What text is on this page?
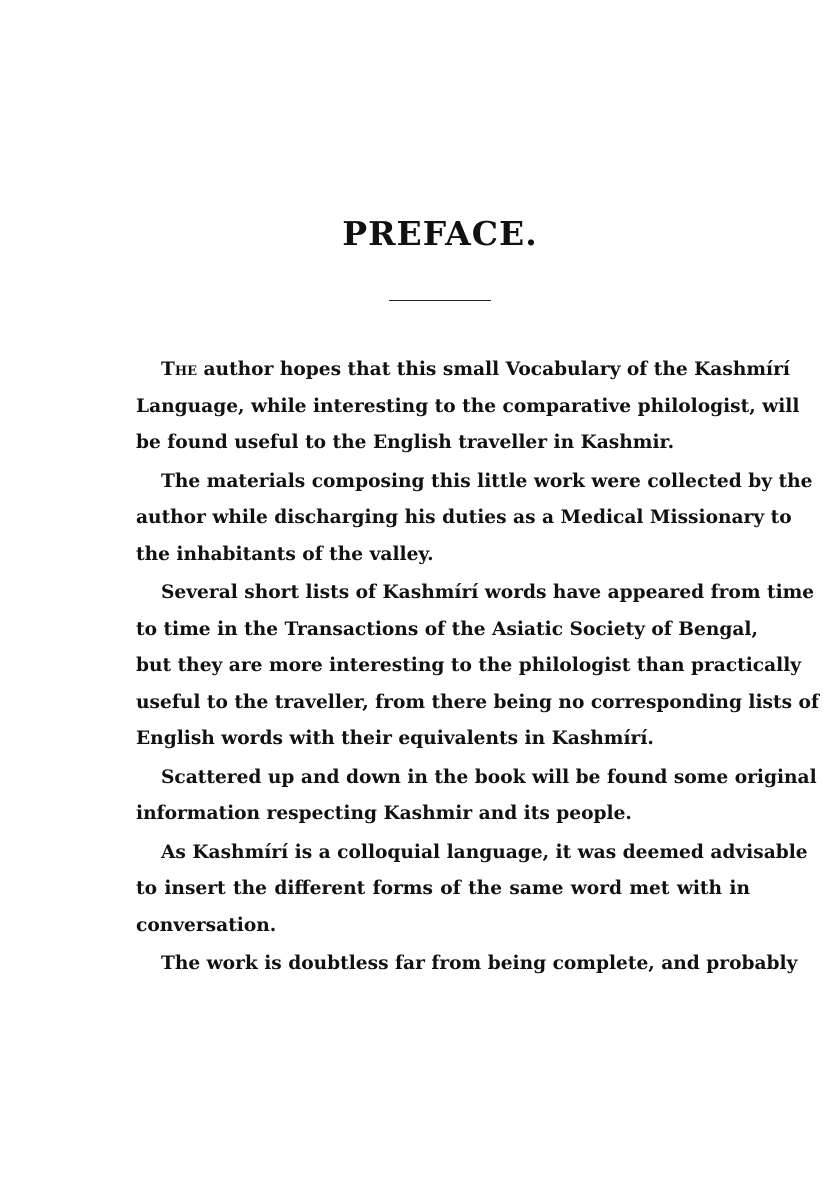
PREFACE.
The author hopes that this small Vocabulary of the Kashmírí
Language, while interesting to the comparative philologist, will
be found useful to the English traveller in Kashmir.
The materials composing this little work were collected by the
author while discharging his duties as a Medical Missionary to
the inhabitants of the valley.
Several short lists of Kashmírí words have appeared from time
to time in the Transactions of the Asiatic Society of Bengal,
but they are more interesting to the philologist than practically
useful to the traveller, from there being no corresponding lists of
English words with their equivalents in Kashmírí.
Scattered up and down in the book will be found some original
information respecting Kashmir and its people.
As Kashmírí is a colloquial language, it was deemed advisable
to insert the different forms of the same word met with in
conversation.
The work is doubtless far from being complete, and probably
